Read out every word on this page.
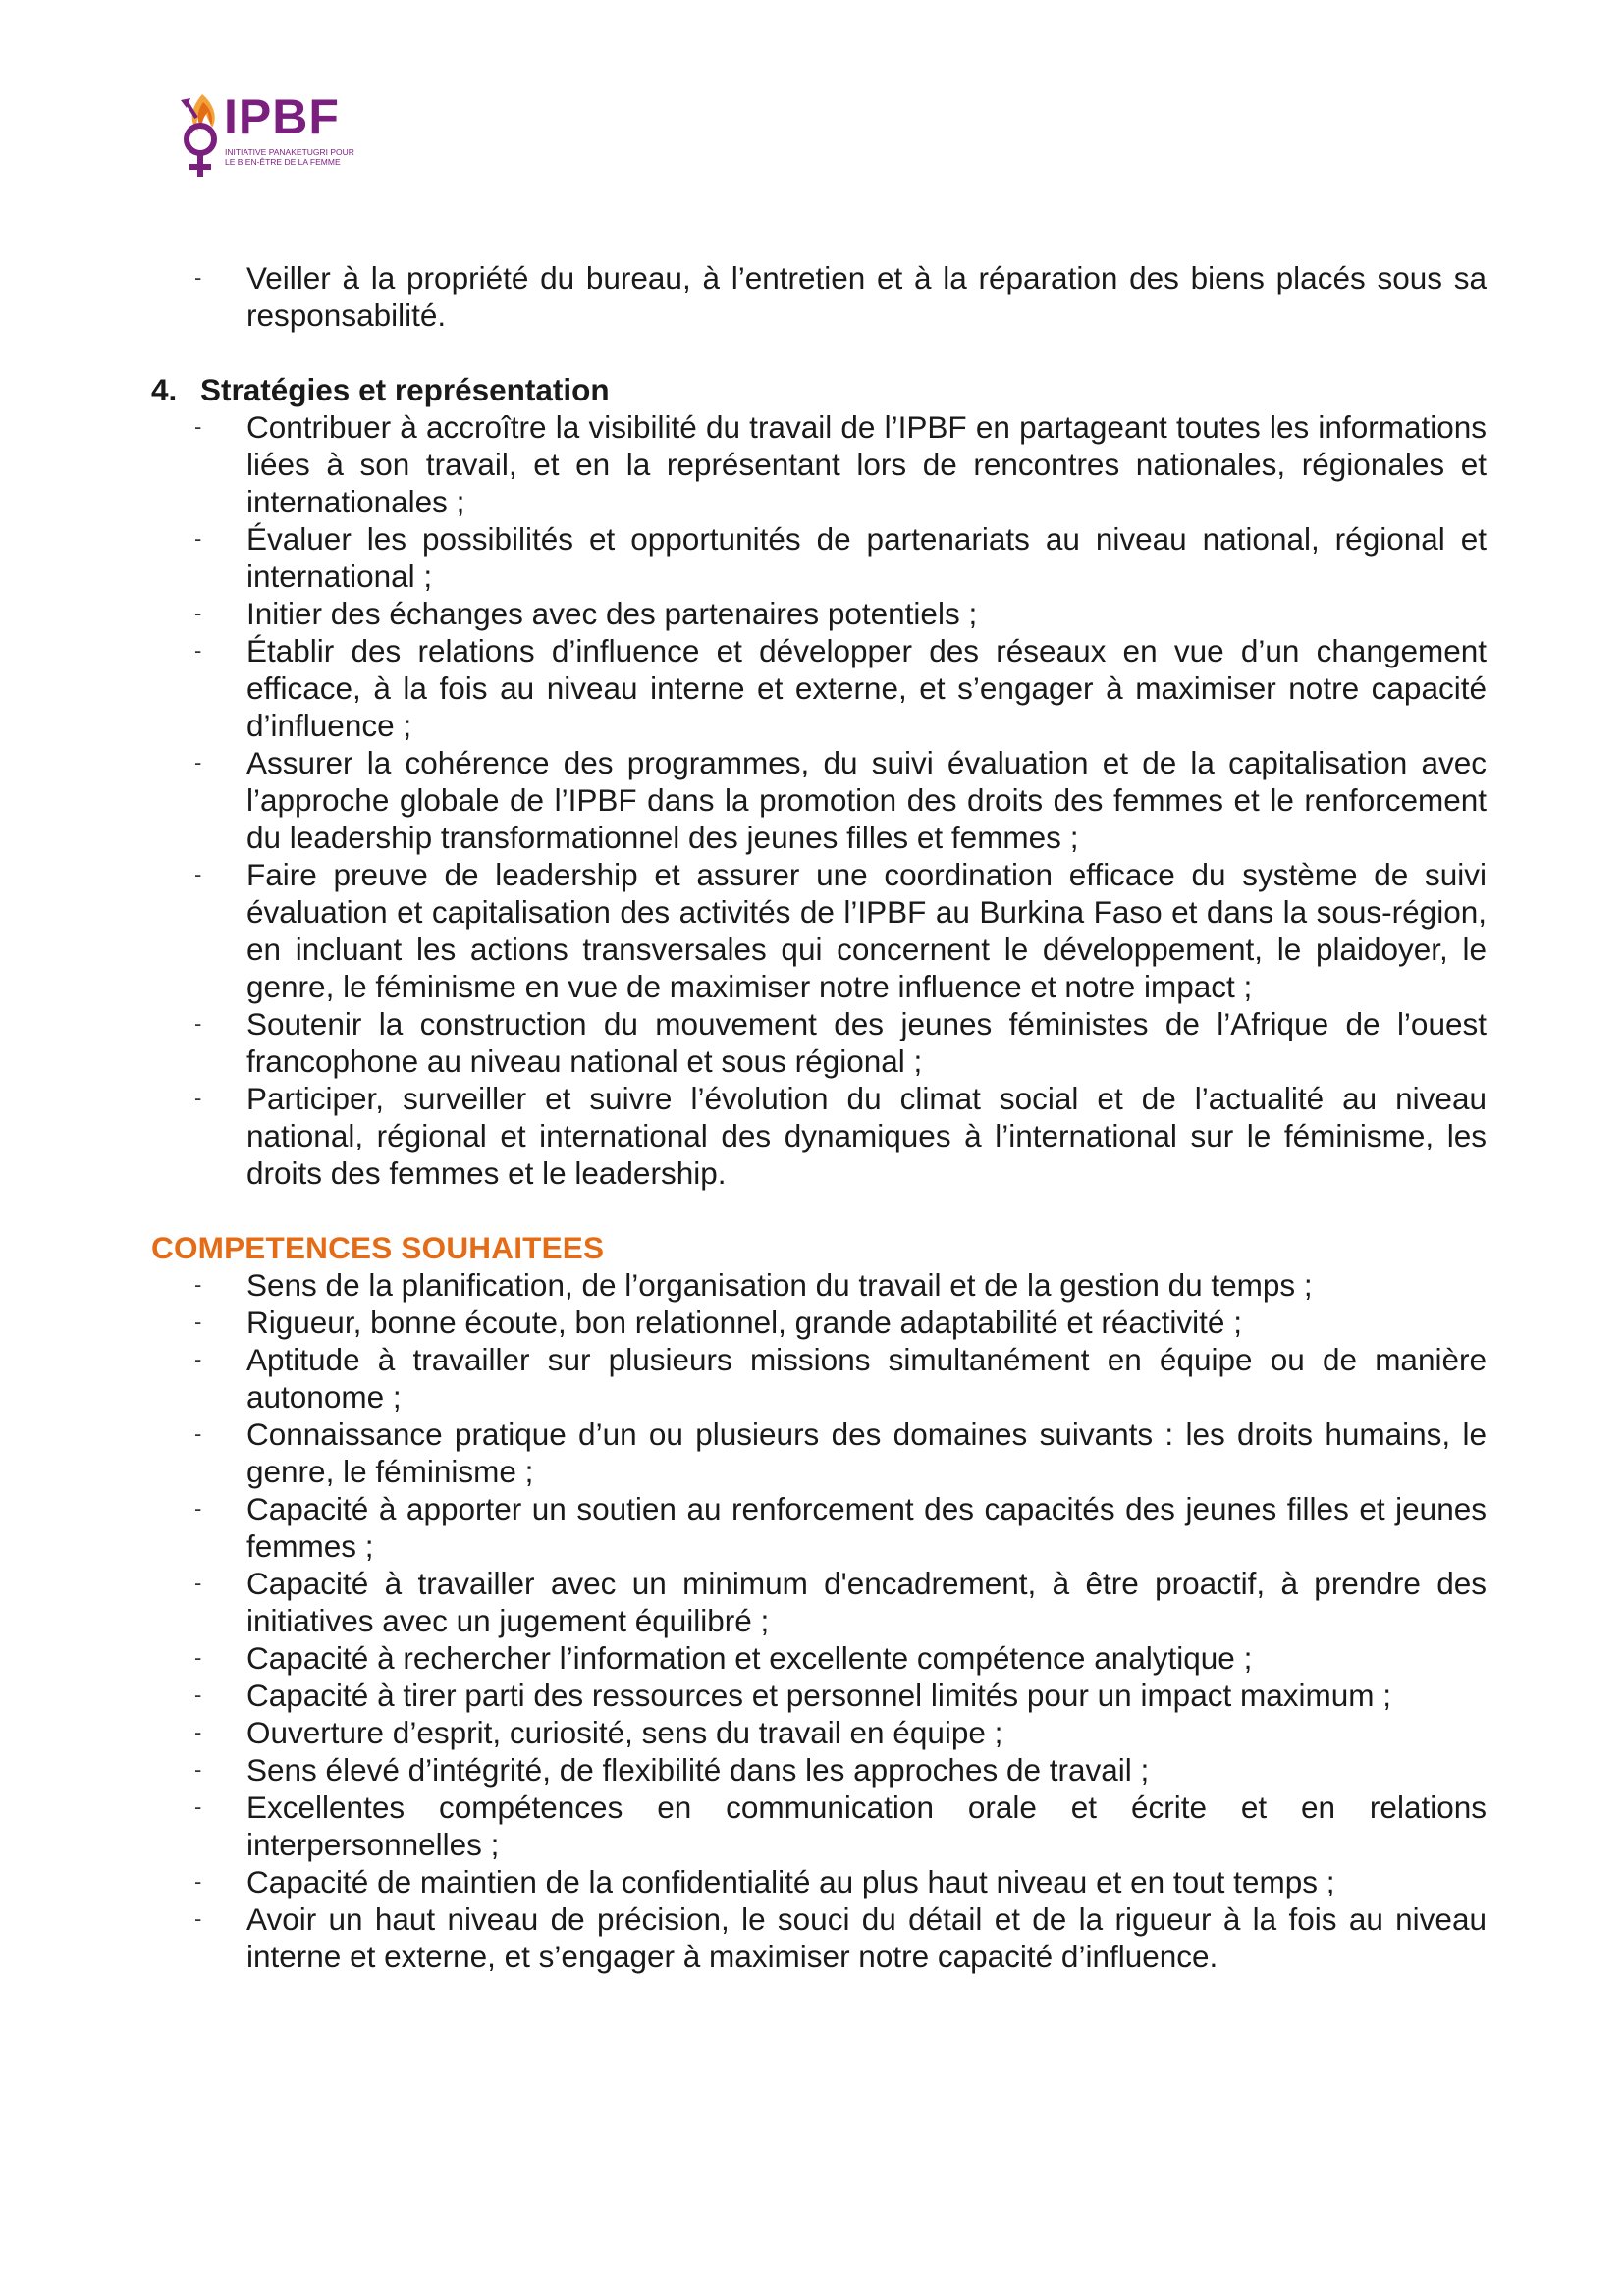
IPBF
INITIATIVE PANAKETUGRI POUR
LE BIEN-ÊTRE DE LA FEMME
- Veiller à la propriété du bureau, à l’entretien et à la réparation des biens placés sous sa responsabilité.
4. Stratégies et représentation
- Contribuer à accroître la visibilité du travail de l’IPBF en partageant toutes les informations liées à son travail, et en la représentant lors de rencontres nationales, régionales et internationales ;
- Évaluer les possibilités et opportunités de partenariats au niveau national, régional et international ;
- Initier des échanges avec des partenaires potentiels ;
- Établir des relations d’influence et développer des réseaux en vue d’un changement efficace, à la fois au niveau interne et externe, et s’engager à maximiser notre capacité d’influence ;
- Assurer la cohérence des programmes, du suivi évaluation et de la capitalisation avec l’approche globale de l’IPBF dans la promotion des droits des femmes et le renforcement du leadership transformationnel des jeunes filles et femmes ;
- Faire preuve de leadership et assurer une coordination efficace du système de suivi évaluation et capitalisation des activités de l’IPBF au Burkina Faso et dans la sous-région, en incluant les actions transversales qui concernent le développement, le plaidoyer, le genre, le féminisme en vue de maximiser notre influence et notre impact ;
- Soutenir la construction du mouvement des jeunes féministes de l’Afrique de l’ouest francophone au niveau national et sous régional ;
- Participer, surveiller et suivre l’évolution du climat social et de l’actualité au niveau national, régional et international des dynamiques à l’international sur le féminisme, les droits des femmes et le leadership.
COMPETENCES SOUHAITEES
- Sens de la planification, de l’organisation du travail et de la gestion du temps ;
- Rigueur, bonne écoute, bon relationnel, grande adaptabilité et réactivité ;
- Aptitude à travailler sur plusieurs missions simultanément en équipe ou de manière autonome ;
- Connaissance pratique d’un ou plusieurs des domaines suivants : les droits humains, le genre, le féminisme ;
- Capacité à apporter un soutien au renforcement des capacités des jeunes filles et jeunes femmes ;
- Capacité à travailler avec un minimum d'encadrement, à être proactif, à prendre des initiatives avec un jugement équilibré ;
- Capacité à rechercher l’information et excellente compétence analytique ;
- Capacité à tirer parti des ressources et personnel limités pour un impact maximum ;
- Ouverture d’esprit, curiosité, sens du travail en équipe ;
- Sens élevé d’intégrité, de flexibilité dans les approches de travail ;
- Excellentes compétences en communication orale et écrite et en relations interpersonnelles ;
- Capacité de maintien de la confidentialité au plus haut niveau et en tout temps ;
- Avoir un haut niveau de précision, le souci du détail et de la rigueur à la fois au niveau interne et externe, et s’engager à maximiser notre capacité d’influence.
